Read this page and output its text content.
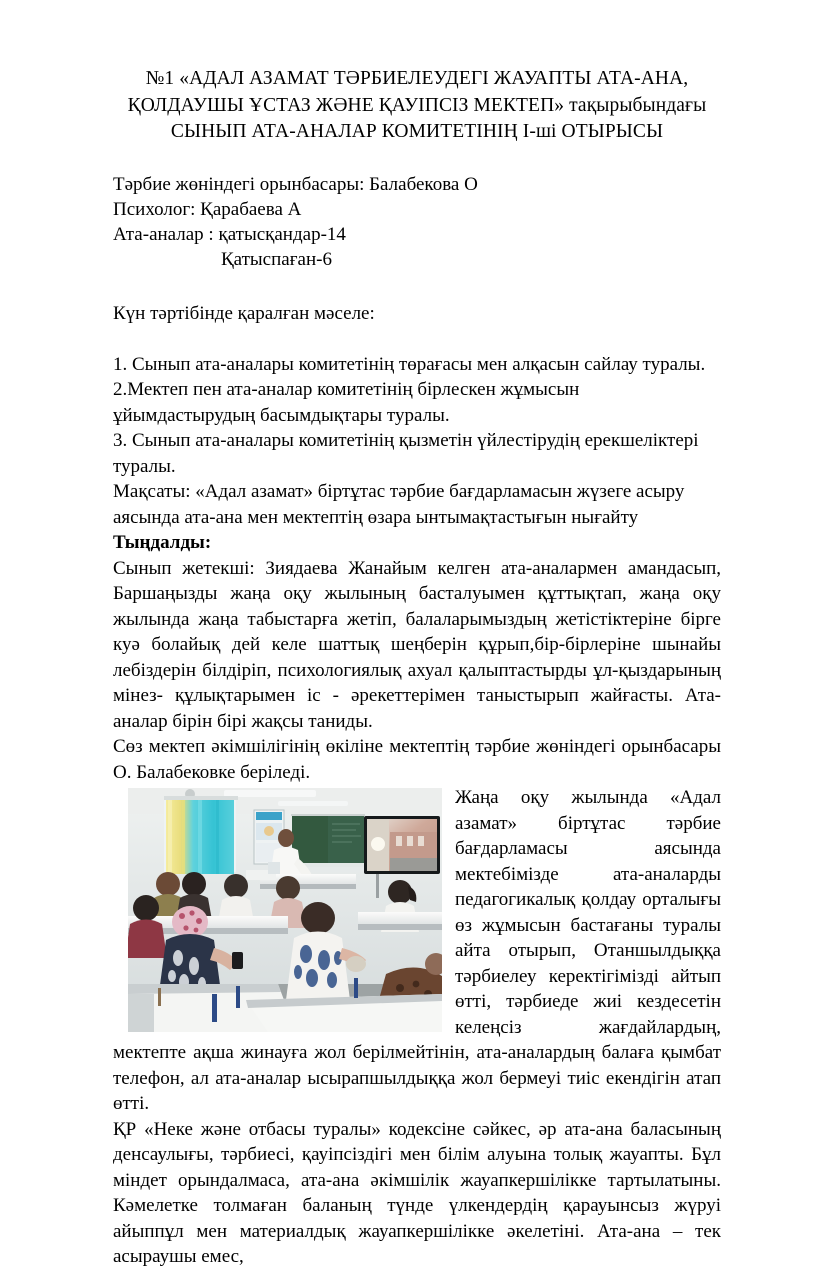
№1 «АДАЛ АЗАМАТ ТӘРБИЕЛЕУДЕГІ ЖАУАПТЫ АТА-АНА,
ҚОЛДАУШЫ ҰСТАЗ ЖӘНЕ ҚАУІПСІЗ МЕКТЕП» тақырыбындағы
СЫНЫП АТА-АНАЛАР КОМИТЕТІНІҢ I-ші ОТЫРЫСЫ
Тәрбие жөніндегі орынбасары: Балабекова О
Психолог: Қарабаева А
Ата-аналар : қатысқандар-14
Қатыспаған-6
Күн тәртібінде қаралған мәселе:
1. Сынып ата-аналары комитетінің төрағасы мен алқасын сайлау туралы.
2.Мектеп пен ата-аналар комитетінің бірлескен жұмысын ұйымдастырудың басымдықтары туралы.
3. Сынып ата-аналары комитетінің қызметін үйлестірудің ерекшеліктері туралы.
Мақсаты: «Адал азамат» біртұтас тәрбие бағдарламасын жүзеге асыру аясында ата-ана мен мектептің өзара ынтымақтастығын нығайту
Тыңдалды:

Сынып жетекші: Зиядаева Жанайым келген ата-аналармен амандасып, Баршаңызды жаңа оқу жылының басталуымен құттықтап, жаңа оқу жылында жаңа табыстарға жетіп, балаларымыздың жетістіктеріне бірге куә болайық дей келе шаттық шеңберін құрып,бір-бірлеріне шынайы лебіздерін білдіріп, психологиялық ахуал қалыптастырды ұл-қыздарының мінез- құлықтарымен іс - әрекеттерімен таныстырып жайғасты. Ата-аналар бірін бірі жақсы таниды.

Сөз мектеп әкімшілігінің өкіліне мектептің тәрбие жөніндегі орынбасары О. Балабековке беріледі.

Жаңа оқу жылында «Адал азамат» біртұтас тәрбие бағдарламасы аясында мектебімізде ата-аналарды педагогикалық қолдау орталығы өз жұмысын бастағаны туралы айта отырып, Отаншылдыққа тәрбиелеу керектігімізді айтып өтті, тәрбиеде жиі кездесетін келеңсіз жағдайлардың, мектепте ақша жинауға жол берілмейтінін, ата-аналардың балаға қымбат телефон, ал ата-аналар ысырапшылдыққа жол бермеуі тиіс екендігін атап өтті.

ҚР «Неке және отбасы туралы» кодексіне сәйкес, әр ата-ана баласының денсаулығы, тәрбиесі, қауіпсіздігі мен білім алуына толық жауапты. Бұл міндет орындалмаса, ата-ана әкімшілік жауапкершілікке тартылатыны. Кәмелетке толмаған баланың түнде үлкендердің қарауынсыз жүруі айыппұл мен материалдық жауапкершілікке әкелетіні. Ата-ана – тек асыраушы емес,
